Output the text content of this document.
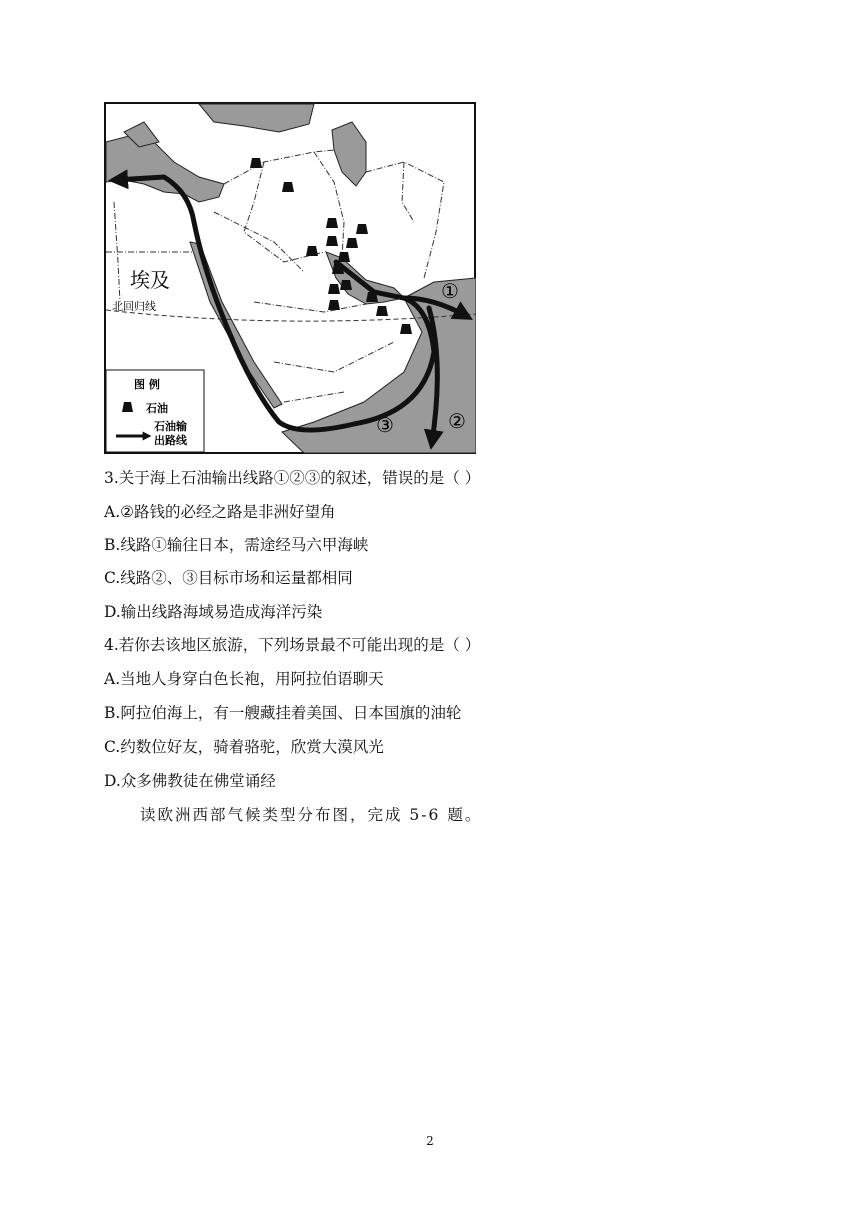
①
②
③
埃及
北回归线
图 例
石油
石油输
出路线
3.关于海上石油输出线路①②③的叙述，错误的是（ ）
A.②路钱的必经之路是非洲好望角
B.线路①输往日本，需途经马六甲海峡
C.线路②、③目标市场和运量都相同
D.输出线路海域易造成海洋污染
4.若你去该地区旅游，下列场景最不可能出现的是（ ）
A.当地人身穿白色长袍，用阿拉伯语聊天
B.阿拉伯海上，有一艘藏挂着美国、日本国旗的油轮
C.约数位好友，骑着骆驼，欣赏大漠风光
D.众多佛教徒在佛堂诵经
读欧洲西部气候类型分布图，完成 5-6 题。
2
